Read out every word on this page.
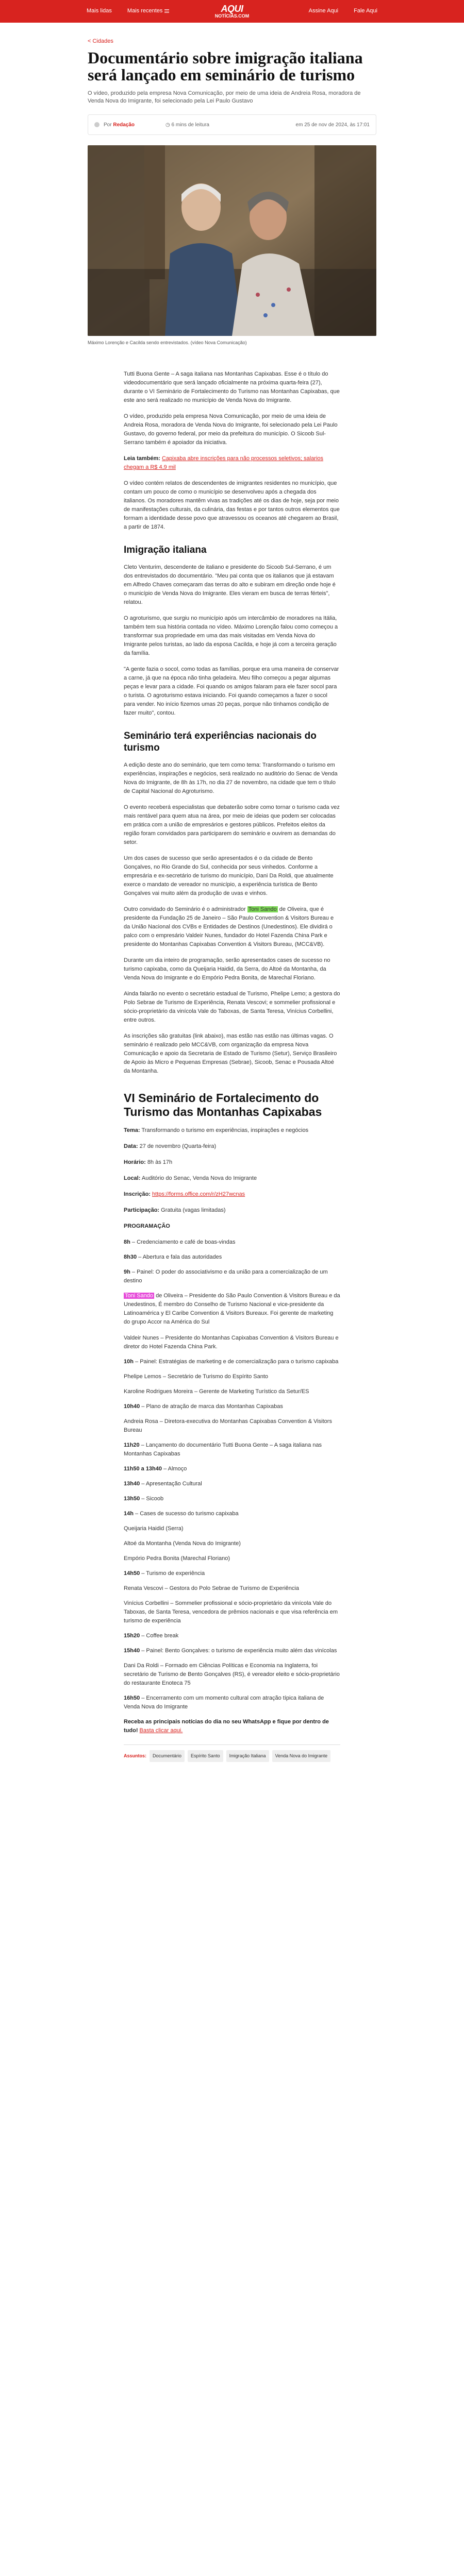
Mais lidas	Mais recentes	AQUI
NOTÍCIAS.COM
Assine Aqui	Fale Aqui
< Cidades
Documentário sobre imigração italiana será lançado em seminário de turismo

O vídeo, produzido pela empresa Nova Comunicação, por meio de uma ideia de Andreia Rosa, moradora de Venda Nova do Imigrante, foi selecionado pela Lei Paulo Gustavo

Por Redação	◷ 6 mins de leitura	em 25 de nov de 2024, às 17:01

Máximo Lorenção e Cacilda sendo entrevistados. (vídeo Nova Comunicação)

Tutti Buona Gente – A saga italiana nas Montanhas Capixabas. Esse é o título do videodocumentário que será lançado oficialmente na próxima quarta-feira (27), durante o VI Seminário de Fortalecimento do Turismo nas Montanhas Capixabas, que este ano será realizado no município de Venda Nova do Imigrante.

O vídeo, produzido pela empresa Nova Comunicação, por meio de uma ideia de Andreia Rosa, moradora de Venda Nova do Imigrante, foi selecionado pela Lei Paulo Gustavo, do governo federal, por meio da prefeitura do município. O Sicoob Sul-Serrano também é apoiador da iniciativa.

Leia também: Capixaba abre inscrições para não processos seletivos; salarios chegam a R$ 4,9 mil

O vídeo contém relatos de descendentes de imigrantes residentes no município, que contam um pouco de como o município se desenvolveu após a chegada dos italianos. Os moradores mantêm vivas as tradições até os dias de hoje, seja por meio de manifestações culturais, da culinária, das festas e por tantos outros elementos que formam a identidade desse povo que atravessou os oceanos até chegarem ao Brasil, a partir de 1874.

Imigração italiana

Cleto Venturim, descendente de italiano e presidente do Sicoob Sul-Serrano, é um dos entrevistados do documentário. "Meu pai conta que os italianos que já estavam em Alfredo Chaves começaram das terras do alto e subiram em direção onde hoje é o município de Venda Nova do Imigrante. Eles vieram em busca de terras férteis", relatou.

O agroturismo, que surgiu no município após um intercâmbio de moradores na Itália, também tem sua história contada no vídeo. Máximo Lorenção falou como começou a transformar sua propriedade em uma das mais visitadas em Venda Nova do Imigrante pelos turistas, ao lado da esposa Cacilda, e hoje já com a terceira geração da família.

"A gente fazia o socol, como todas as famílias, porque era uma maneira de conservar a carne, já que na época não tinha geladeira. Meu filho começou a pegar algumas peças e levar para a cidade. Foi quando os amigos falaram para ele fazer socol para o turista. O agroturismo estava iniciando. Foi quando começamos a fazer o socol para vender. No início fizemos umas 20 peças, porque não tínhamos condição de fazer muito", contou.

Seminário terá experiências nacionais do turismo

A edição deste ano do seminário, que tem como tema: Transformando o turismo em experiências, inspirações e negócios, será realizado no auditório do Senac de Venda Nova do Imigrante, de 8h às 17h, no dia 27 de novembro, na cidade que tem o título de Capital Nacional do Agroturismo.

O evento receberá especialistas que debaterão sobre como tornar o turismo cada vez mais rentável para quem atua na área, por meio de ideias que podem ser colocadas em prática com a união de empresários e gestores públicos. Prefeitos eleitos da região foram convidados para participarem do seminário e ouvirem as demandas do setor.

Um dos cases de sucesso que serão apresentados é o da cidade de Bento Gonçalves, no Rio Grande do Sul, conhecida por seus vinhedos. Conforme a empresária e ex-secretário de turismo do município, Dani Da Roldi, que atualmente exerce o mandato de vereador no município, a experiência turística de Bento Gonçalves vai muito além da produção de uvas e vinhos.

Outro convidado do Seminário é o administrador Toni Sando de Oliveira, que é presidente da Fundação 25 de Janeiro – São Paulo Convention & Visitors Bureau e da União Nacional dos CVBs e Entidades de Destinos (Unedestinos). Ele dividirá o palco com o empresário Valdeir Nunes, fundador do Hotel Fazenda China Park e presidente do Montanhas Capixabas Convention & Visitors Bureau, (MCC&VB).

Durante um dia inteiro de programação, serão apresentados cases de sucesso no turismo capixaba, como da Queijaria Haidid, da Serra, do Altoé da Montanha, da Venda Nova do Imigrante e do Empório Pedra Bonita, de Marechal Floriano.

Ainda falarão no evento o secretário estadual de Turismo, Phelipe Lemo; a gestora do Polo Sebrae de Turismo de Experiência, Renata Vescovi; e sommelier profissional e sócio-proprietário da vinícola Vale do Taboxas, de Santa Teresa, Vinícius Corbellini, entre outros.

As inscrições são gratuitas (link abaixo), mas estão nas estão nas últimas vagas. O seminário é realizado pelo MCC&VB, com organização da empresa Nova Comunicação e apoio da Secretaria de Estado de Turismo (Setur), Serviço Brasileiro de Apoio às Micro e Pequenas Empresas (Sebrae), Sicoob, Senac e Pousada Altoé da Montanha.

VI Seminário de Fortalecimento do Turismo das Montanhas Capixabas

Tema: Transformando o turismo em experiências, inspirações e negócios

Data: 27 de novembro (Quarta-feira)

Horário: 8h às 17h

Local: Auditório do Senac, Venda Nova do Imigrante

Inscrição: https://forms.office.com/r/zH27wcnas

Participação: Gratuita (vagas limitadas)

PROGRAMAÇÃO

8h – Credenciamento e café de boas-vindas

8h30 – Abertura e fala das autoridades

9h – Painel: O poder do associativismo e da união para a comercialização de um destino

Toni Sando de Oliveira – Presidente do São Paulo Convention & Visitors Bureau e da Unedestinos, É membro do Conselho de Turismo Nacional e vice-presidente da Latinoamérica y El Caribe Convention & Visitors Bureaux. Foi gerente de marketing do grupo Accor na América do Sul

Valdeir Nunes – Presidente do Montanhas Capixabas Convention & Visitors Bureau e diretor do Hotel Fazenda China Park.

10h – Painel: Estratégias de marketing e de comercialização para o turismo capixaba

Phelipe Lemos – Secretário de Turismo do Espírito Santo

Karoline Rodrigues Moreira – Gerente de Marketing Turístico da Setur/ES

10h40 – Plano de atração de marca das Montanhas Capixabas

Andreia Rosa – Diretora-executiva do Montanhas Capixabas Convention & Visitors Bureau

11h20 – Lançamento do documentário Tutti Buona Gente – A saga italiana nas Montanhas Capixabas

11h50 a 13h40 – Almoço

13h40 – Apresentação Cultural

13h50 – Sicoob

14h – Cases de sucesso do turismo capixaba

Queijaria Haidid (Serra)

Altoé da Montanha (Venda Nova do Imigrante)

Empório Pedra Bonita (Marechal Floriano)

14h50 – Turismo de experiência

Renata Vescovi – Gestora do Polo Sebrae de Turismo de Experiência

Vinícius Corbellini – Sommelier profissional e sócio-proprietário da vinícola Vale do Taboxas, de Santa Teresa, vencedora de prêmios nacionais e que visa referência em turismo de experiência

15h20 – Coffee break

15h40 – Painel: Bento Gonçalves: o turismo de experiência muito além das vinícolas

Dani Da Roldi – Formado em Ciências Políticas e Economia na Inglaterra, foi secretário de Turismo de Bento Gonçalves (RS), é vereador eleito e sócio-proprietário do restaurante Enoteca 75

16h50 – Encerramento com um momento cultural com atração típica italiana de Venda Nova do Imigrante

Receba as principais notícias do dia no seu WhatsApp e fique por dentro de tudo! Basta clicar aqui.

Assuntos:	Documentário	Espírito Santo	Imigração Italiana	Venda Nova do Imigrante
